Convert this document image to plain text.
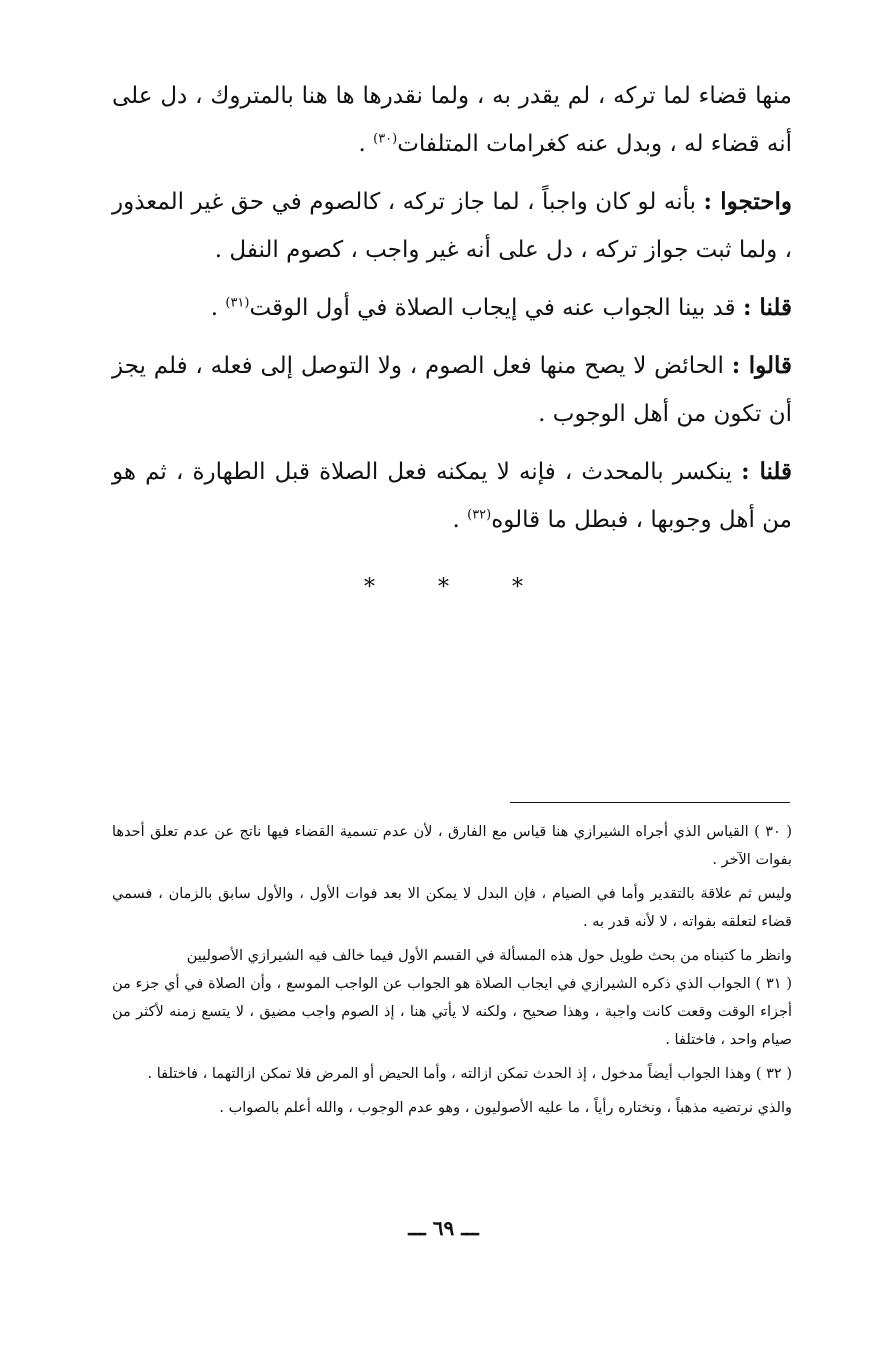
منها قضاء لما تركه ، لم يقدر به ، ولما نقدرها ها هنا بالمتروك ، دل على أنه قضاء له ، وبدل عنه كغرامات المتلفات$^{(٣٠)}$ .

واحتجوا : بأنه لو كان واجباً ، لما جاز تركه ، كالصوم في حق غير المعذور ، ولما ثبت جواز تركه ، دل على أنه غير واجب ، كصوم النفل .

قلنا : قد بينا الجواب عنه في إيجاب الصلاة في أول الوقت$^{(٣١)}$ .

قالوا : الحائض لا يصح منها فعل الصوم ، ولا التوصل إلى فعله ، فلم يجز أن تكون من أهل الوجوب .

قلنا : ينكسر بالمحدث ، فإنه لا يمكنه فعل الصلاة قبل الطهارة ، ثم هو من أهل وجوبها ، فبطل ما قالوه$^{(٣٢)}$ .

* * *

( ٣٠ ) القياس الذي أجراه الشيرازي هنا قياس مع الفارق ، لأن عدم تسمية القضاء فيها ناتج عن عدم تعلق أحدها بفوات الآخر .

وليس ثم علاقة بالتقدير وأما في الصيام ، فإن البدل لا يمكن الا بعد فوات الأول ، والأول سابق بالزمان ، فسمي قضاء لتعلقه بفواته ، لا لأنه قدر به .

وانظر ما كتبناه من بحث طويل حول هذه المسألة في القسم الأول فيما خالف فيه الشيرازي الأصوليين

( ٣١ ) الجواب الذي ذكره الشيرازي في ايجاب الصلاة هو الجواب عن الواجب الموسع ، وأن الصلاة في أي جزء من أجزاء الوقت وقعت كانت واجبة ، وهذا صحيح ، ولكنه لا يأتي هنا ، إذ الصوم واجب مضيق ، لا يتسع زمنه لأكثر من صيام واحد ، فاختلفا .

( ٣٢ ) وهذا الجواب أيضاً مدخول ، إذ الحدث تمكن ازالته ، وأما الحيض أو المرض فلا تمكن ازالتهما ، فاختلفا .

والذي نرتضيه مذهباً ، ونختاره رأياً ، ما عليه الأصوليون ، وهو عدم الوجوب ، والله أعلم بالصواب .

ـــ ٦٩ ـــ
